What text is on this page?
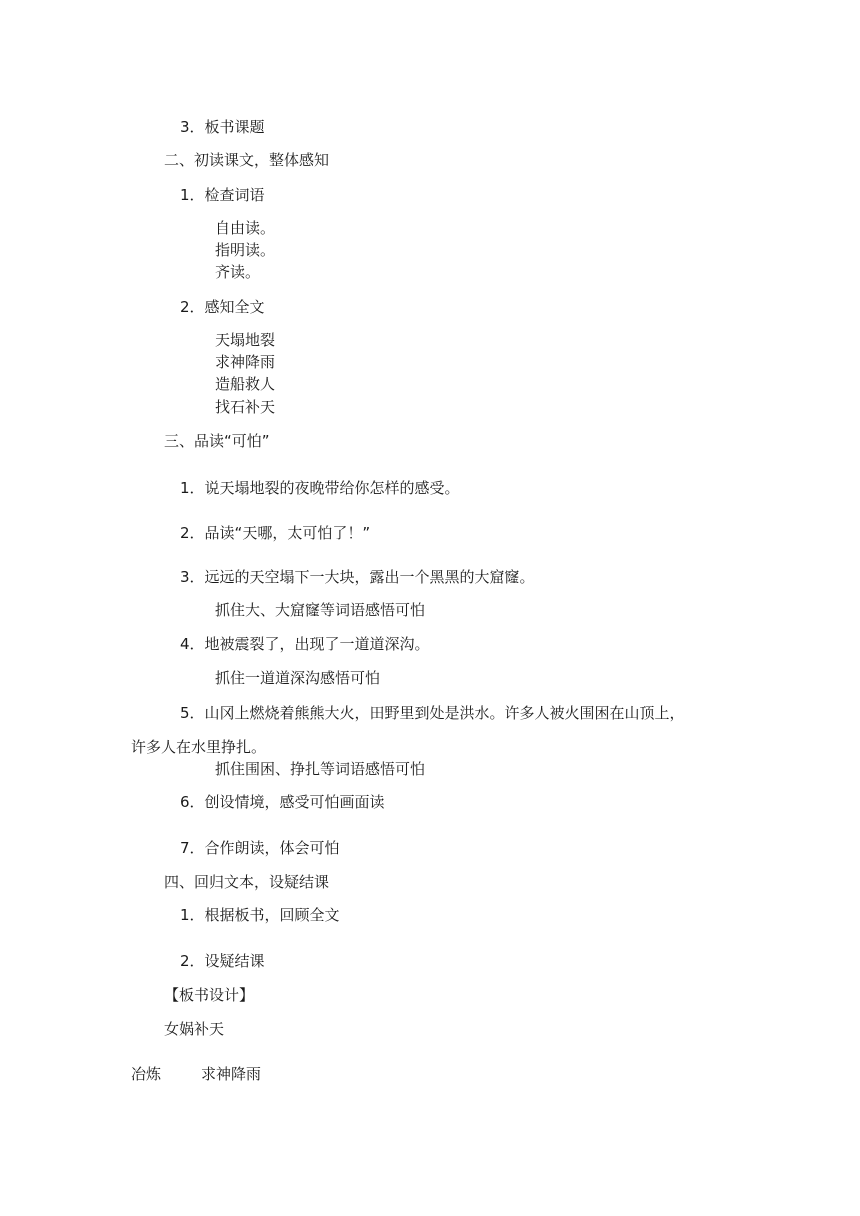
3．板书课题
二、初读课文，整体感知
1．检查词语
自由读。
指明读。
齐读。
2．感知全文
天塌地裂
求神降雨
造船救人
找石补天
三、品读“可怕”
1．说天塌地裂的夜晚带给你怎样的感受。
2．品读“天哪，太可怕了！”
3．远远的天空塌下一大块，露出一个黑黑的大窟窿。
抓住大、大窟窿等词语感悟可怕
4．地被震裂了，出现了一道道深沟。
抓住一道道深沟感悟可怕
5．山冈上燃烧着熊熊大火，田野里到处是洪水。许多人被火围困在山顶上，
许多人在水里挣扎。
抓住围困、挣扎等词语感悟可怕
6．创设情境，感受可怕画面读
7．合作朗读，体会可怕
四、回归文本，设疑结课
1．根据板书，回顾全文
2．设疑结课
【板书设计】
女娲补天
冶炼	求神降雨
